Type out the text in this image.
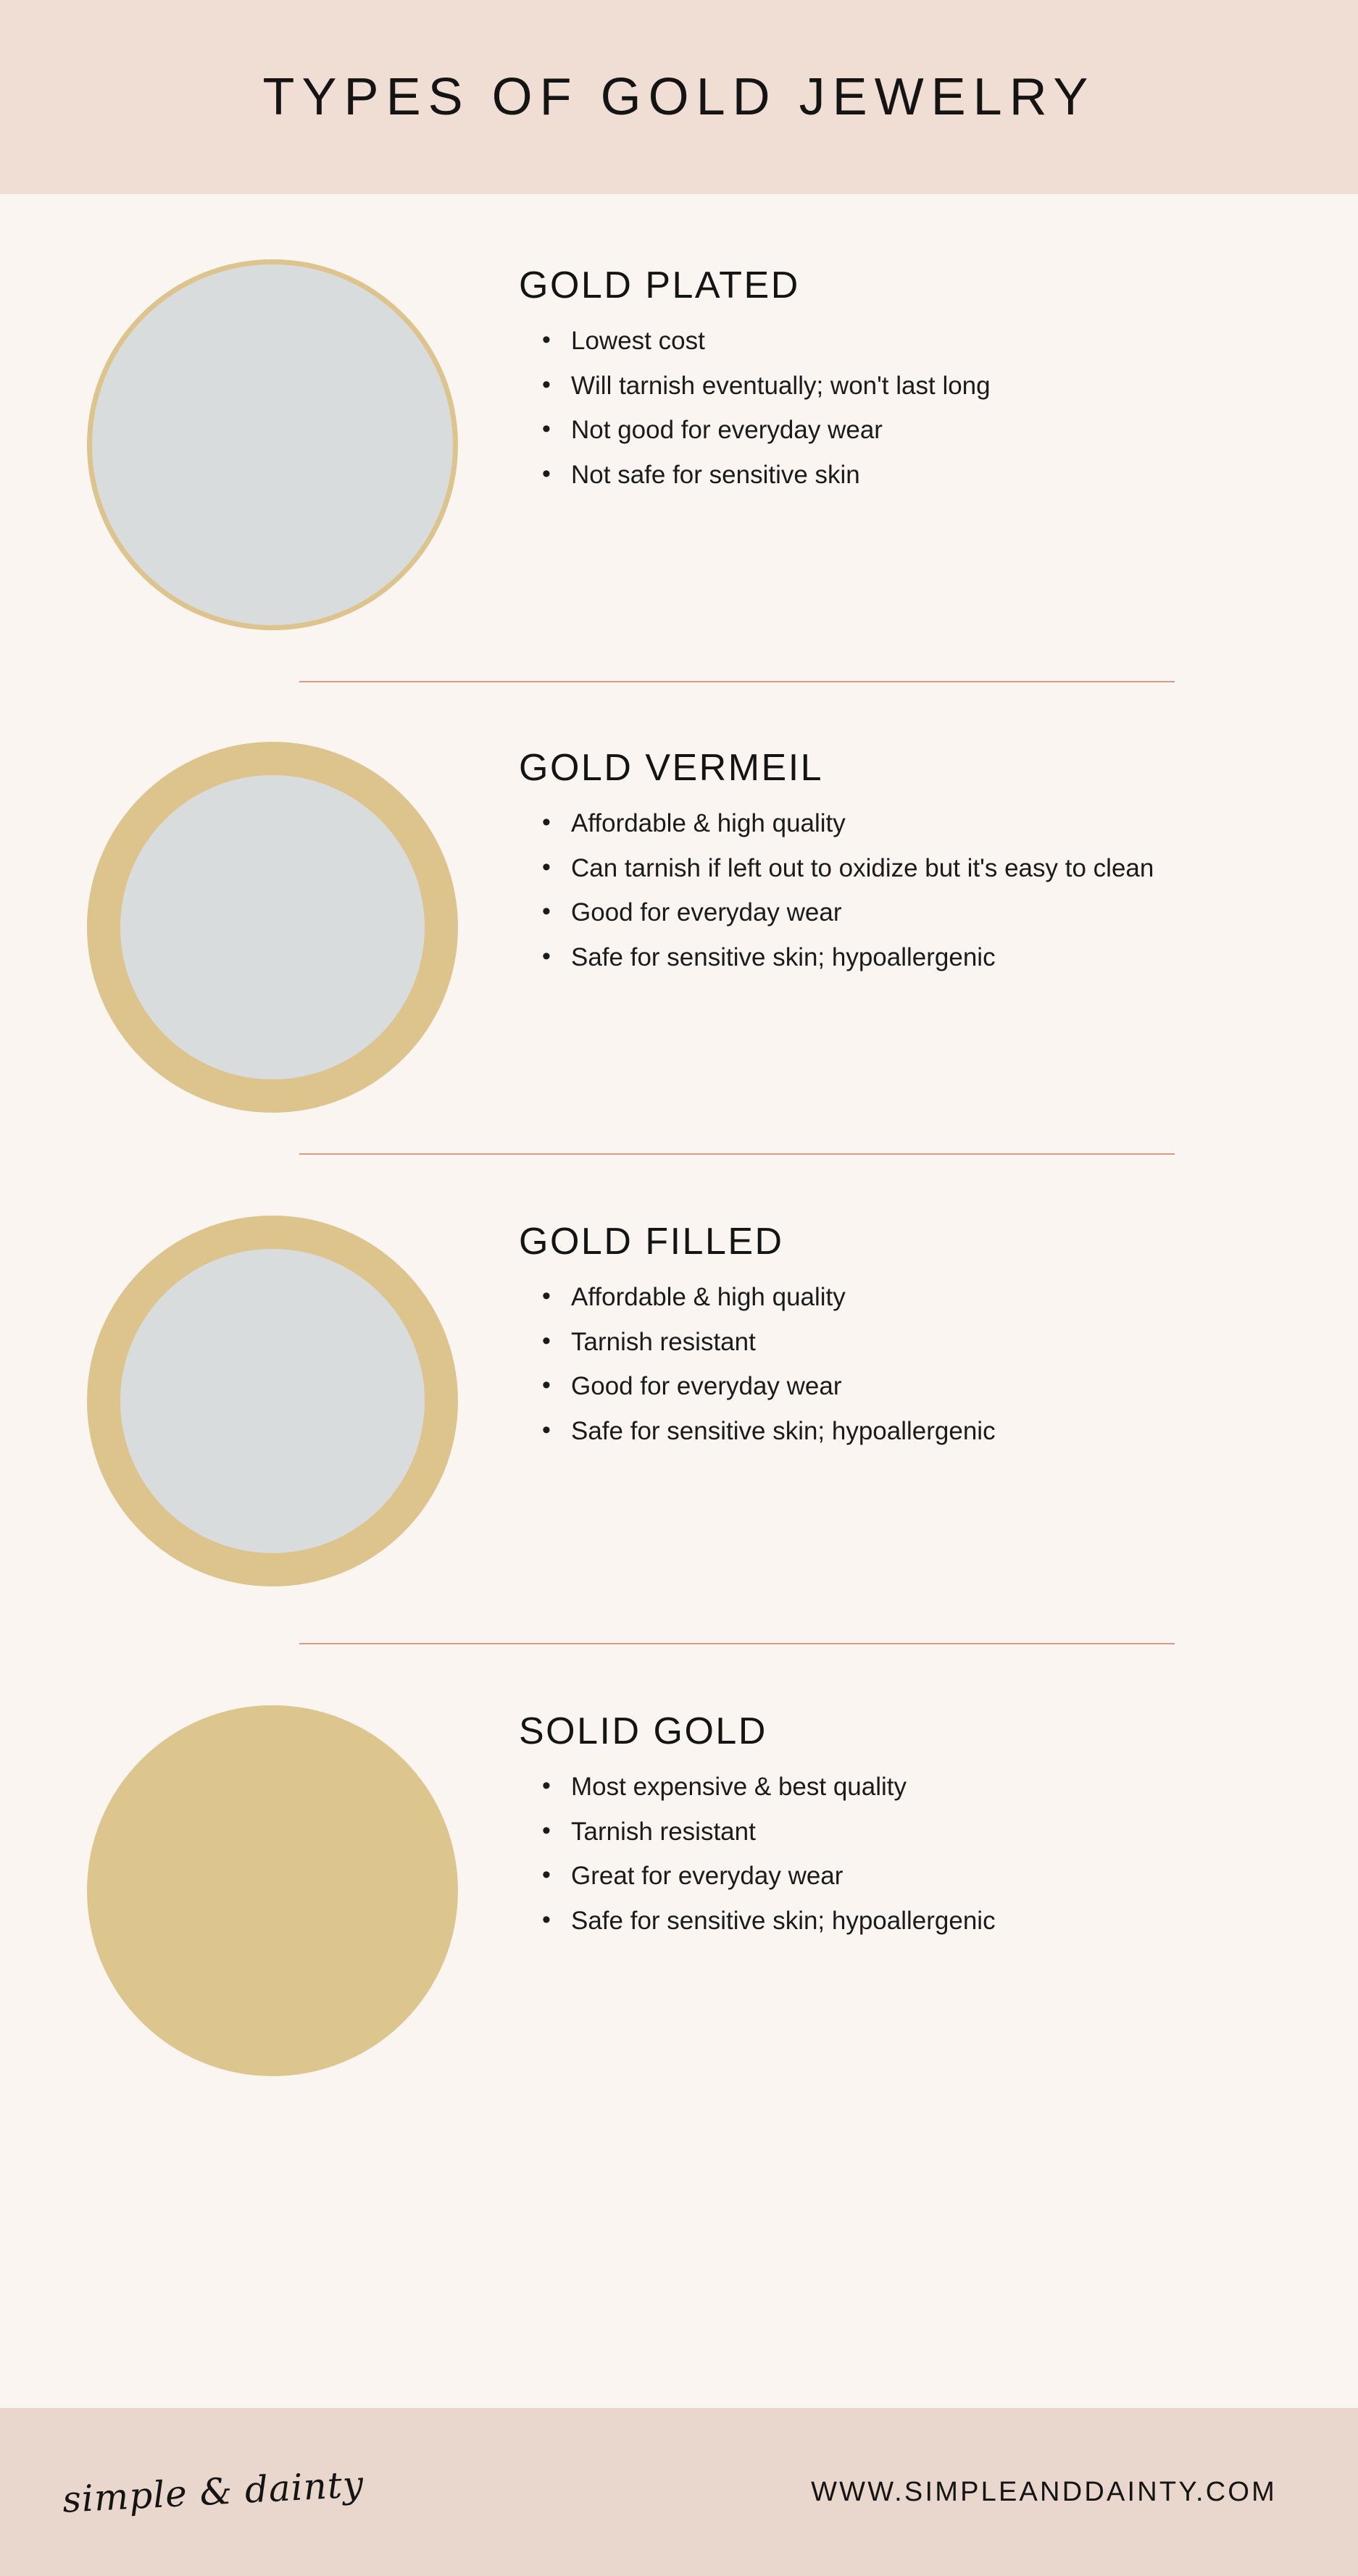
TYPES OF GOLD JEWELRY
GOLD PLATED
• Lowest cost
• Will tarnish eventually; won't last long
• Not good for everyday wear
• Not safe for sensitive skin
GOLD VERMEIL
• Affordable & high quality
• Can tarnish if left out to oxidize but it's easy to clean
• Good for everyday wear
• Safe for sensitive skin; hypoallergenic
GOLD FILLED
• Affordable & high quality
• Tarnish resistant
• Good for everyday wear
• Safe for sensitive skin; hypoallergenic
SOLID GOLD
• Most expensive & best quality
• Tarnish resistant
• Great for everyday wear
• Safe for sensitive skin; hypoallergenic
simple & dainty	WWW.SIMPLEANDDAINTY.COM
